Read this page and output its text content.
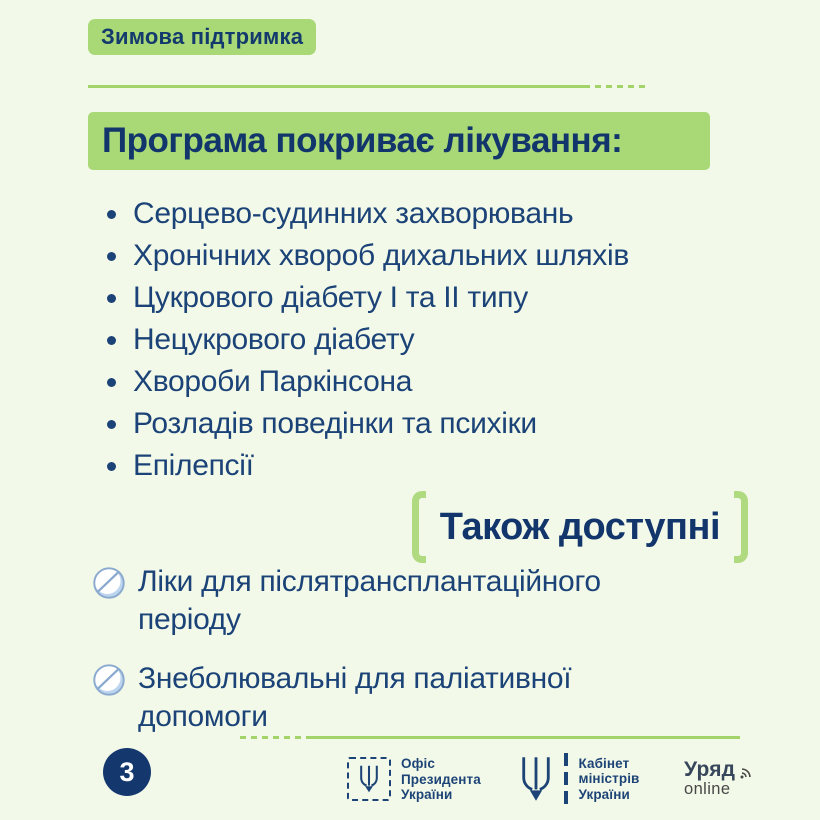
Зимова підтримка
Програма покриває лікування:
Серцево-судинних захворювань
Хронічних хвороб дихальних шляхів
Цукрового діабету І та ІІ типу
Нецукрового діабету
Хвороби Паркінсона
Розладів поведінки та психіки
Епілепсії
Також доступні
Ліки для післятрансплантаційного періоду
Знеболювальні для паліативної допомоги
3	Офіс
Президента
України
Кабінет
міністрів
України
Уряд
online
